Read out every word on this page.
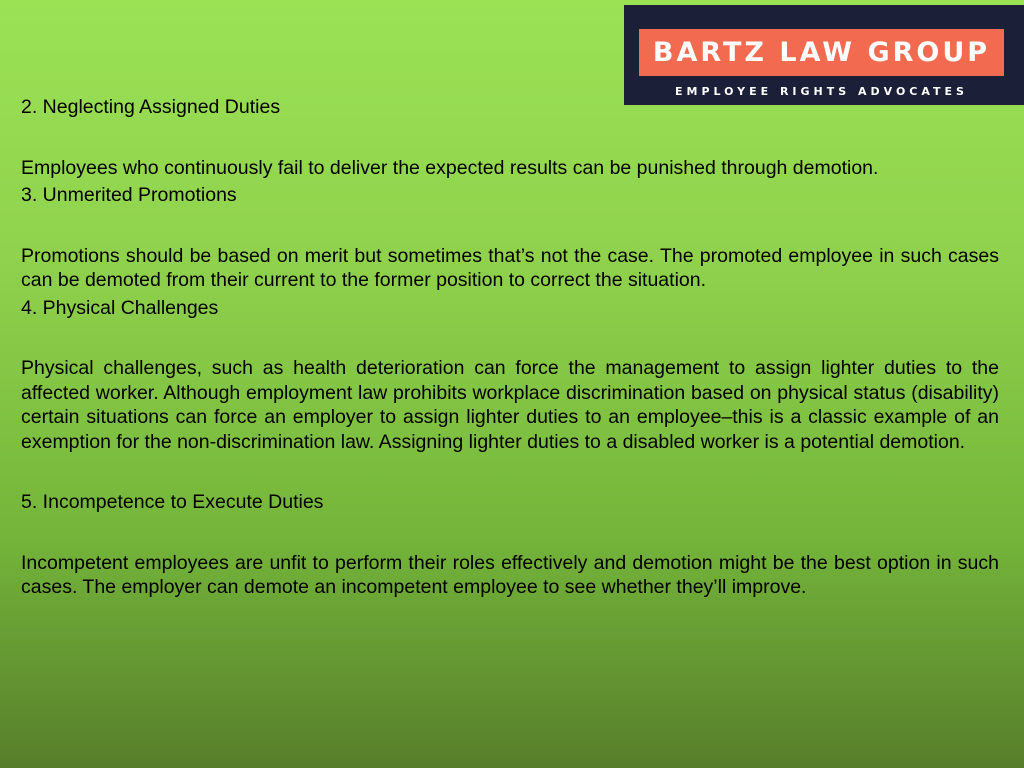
BARTZ LAW GROUP
EMPLOYEE RIGHTS ADVOCATES

2. Neglecting Assigned Duties

Employees who continuously fail to deliver the expected results can be punished through demotion.

3. Unmerited Promotions

Promotions should be based on merit but sometimes that’s not the case. The promoted employee in such cases can be demoted from their current to the former position to correct the situation.

4. Physical Challenges

Physical challenges, such as health deterioration can force the management to assign lighter duties to the affected worker. Although employment law prohibits workplace discrimination based on physical status (disability) certain situations can force an employer to assign lighter duties to an employee–this is a classic example of an exemption for the non-discrimination law. Assigning lighter duties to a disabled worker is a potential demotion.

5. Incompetence to Execute Duties

Incompetent employees are unfit to perform their roles effectively and demotion might be the best option in such cases. The employer can demote an incompetent employee to see whether they’ll improve.
